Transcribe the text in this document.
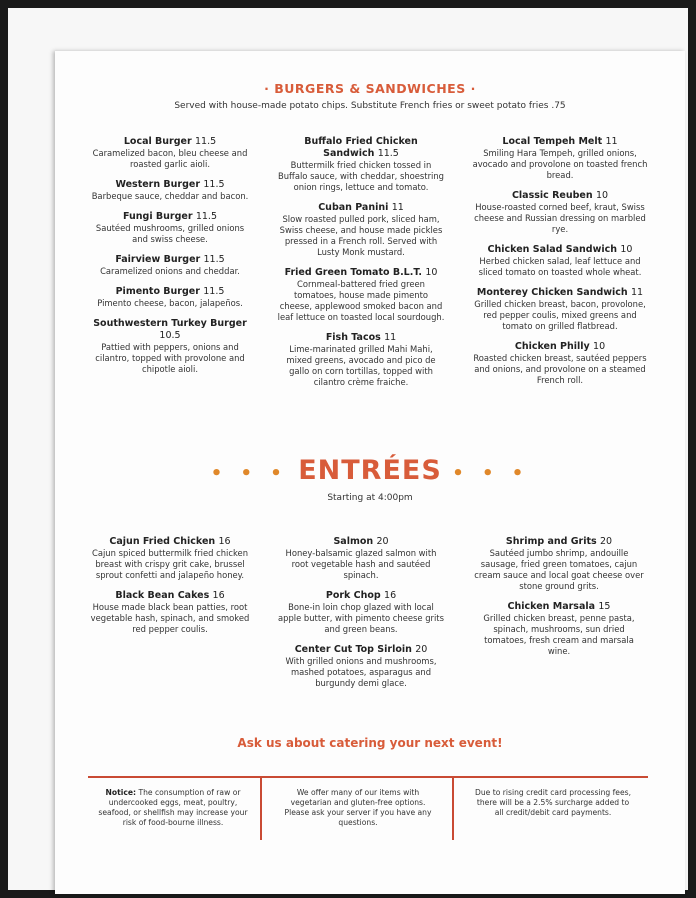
· BURGERS & SANDWICHES ·
Served with house-made potato chips. Substitute French fries or sweet potato fries .75
Local Burger 11.5
Caramelized bacon, bleu cheese and roasted garlic aioli.
Western Burger 11.5
Barbeque sauce, cheddar and bacon.
Fungi Burger 11.5
Sautéed mushrooms, grilled onions and swiss cheese.
Fairview Burger 11.5
Caramelized onions and cheddar.
Pimento Burger 11.5
Pimento cheese, bacon, jalapeños.
Southwestern Turkey Burger 10.5
Pattied with peppers, onions and cilantro, topped with provolone and chipotle aioli.
Buffalo Fried Chicken Sandwich 11.5
Buttermilk fried chicken tossed in Buffalo sauce, with cheddar, shoestring onion rings, lettuce and tomato.
Cuban Panini 11
Slow roasted pulled pork, sliced ham, Swiss cheese, and house made pickles pressed in a French roll. Served with Lusty Monk mustard.
Fried Green Tomato B.L.T. 10
Cornmeal-battered fried green tomatoes, house made pimento cheese, applewood smoked bacon and leaf lettuce on toasted local sourdough.
Fish Tacos 11
Lime-marinated grilled Mahi Mahi, mixed greens, avocado and pico de gallo on corn tortillas, topped with cilantro crème fraiche.
Local Tempeh Melt 11
Smiling Hara Tempeh, grilled onions, avocado and provolone on toasted french bread.
Classic Reuben 10
House-roasted corned beef, kraut, Swiss cheese and Russian dressing on marbled rye.
Chicken Salad Sandwich 10
Herbed chicken salad, leaf lettuce and sliced tomato on toasted whole wheat.
Monterey Chicken Sandwich 11
Grilled chicken breast, bacon, provolone, red pepper coulis, mixed greens and tomato on grilled flatbread.
Chicken Philly 10
Roasted chicken breast, sautéed peppers and onions, and provolone on a steamed French roll.
• • • ENTRÉES • • •
Starting at 4:00pm
Cajun Fried Chicken 16
Cajun spiced buttermilk fried chicken breast with crispy grit cake, brussel sprout confetti and jalapeño honey.
Black Bean Cakes 16
House made black bean patties, root vegetable hash, spinach, and smoked red pepper coulis.
Salmon 20
Honey-balsamic glazed salmon with root vegetable hash and sautéed spinach.
Pork Chop 16
Bone-in loin chop glazed with local apple butter, with pimento cheese grits and green beans.
Center Cut Top Sirloin 20
With grilled onions and mushrooms, mashed potatoes, asparagus and burgundy demi glace.
Shrimp and Grits 20
Sautéed jumbo shrimp, andouille sausage, fried green tomatoes, cajun cream sauce and local goat cheese over stone ground grits.
Chicken Marsala 15
Grilled chicken breast, penne pasta, spinach, mushrooms, sun dried tomatoes, fresh cream and marsala wine.
Ask us about catering your next event!
Notice: The consumption of raw or undercooked eggs, meat, poultry, seafood, or shellfish may increase your risk of food-bourne illness.
We offer many of our items with vegetarian and gluten-free options. Please ask your server if you have any questions.
Due to rising credit card processing fees, there will be a 2.5% surcharge added to all credit/debit card payments.
